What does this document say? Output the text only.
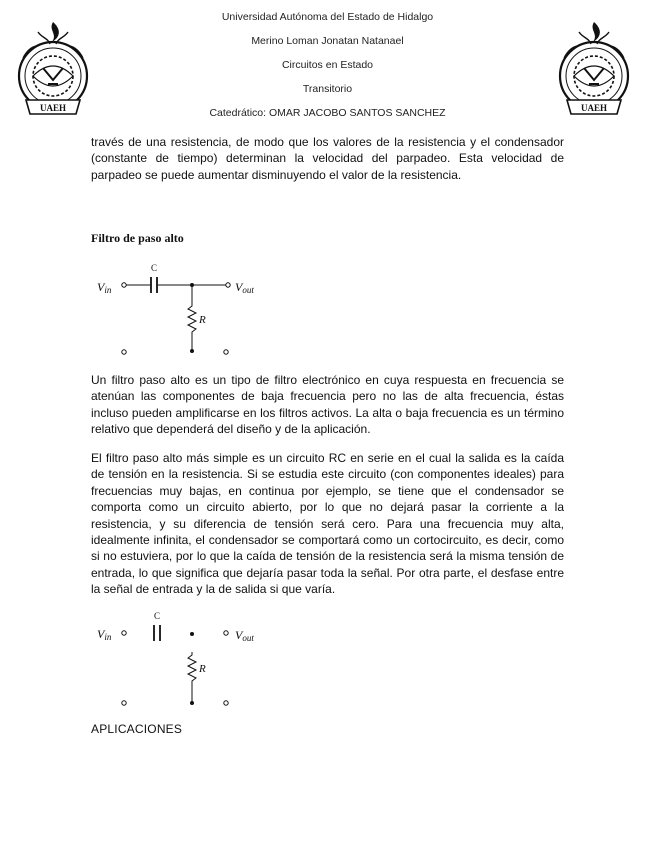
Universidad Autónoma del Estado de Hidalgo
Merino Loman Jonatan Natanael
Circuitos en Estado
Transitorio
Catedrático: OMAR JACOBO SANTOS SANCHEZ
UAEH	UAEH

través de una resistencia, de modo que los valores de la resistencia y el condensador (constante de tiempo) determinan la velocidad del parpadeo. Esta velocidad de parpadeo se puede aumentar disminuyendo el valor de la resistencia.

Filtro de paso alto
Vin
C
Vout
R

Un filtro paso alto es un tipo de filtro electrónico en cuya respuesta en frecuencia se atenúan las componentes de baja frecuencia pero no las de alta frecuencia, éstas incluso pueden amplificarse en los filtros activos. La alta o baja frecuencia es un término relativo que dependerá del diseño y de la aplicación.

El filtro paso alto más simple es un circuito RC en serie en el cual la salida es la caída de tensión en la resistencia. Si se estudia este circuito (con componentes ideales) para frecuencias muy bajas, en continua por ejemplo, se tiene que el condensador se comporta como un circuito abierto, por lo que no dejará pasar la corriente a la resistencia, y su diferencia de tensión será cero. Para una frecuencia muy alta, idealmente infinita, el condensador se comportará como un cortocircuito, es decir, como si no estuviera, por lo que la caída de tensión de la resistencia será la misma tensión de entrada, lo que significa que dejaría pasar toda la señal. Por otra parte, el desfase entre la señal de entrada y la de salida si que varía.

Vin
C
Vout
R
APLICACIONES
